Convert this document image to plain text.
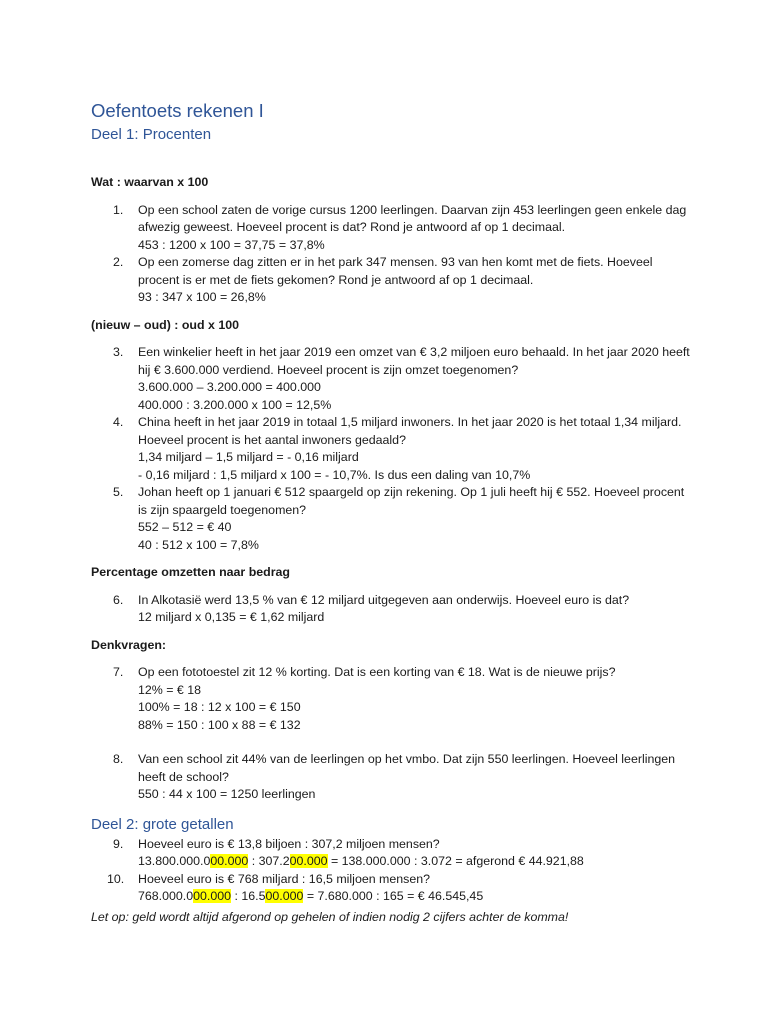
Oefentoets rekenen I
Deel 1: Procenten

Wat : waarvan x 100

1. Op een school zaten de vorige cursus 1200 leerlingen. Daarvan zijn 453 leerlingen geen enkele dag afwezig geweest. Hoeveel procent is dat? Rond je antwoord af op 1 decimaal.

453 : 1200 x 100 = 37,75 = 37,8%

2. Op een zomerse dag zitten er in het park 347 mensen. 93 van hen komt met de fiets. Hoeveel procent is er met de fiets gekomen? Rond je antwoord af op 1 decimaal.

93 : 347 x 100 = 26,8%

(nieuw – oud) : oud x 100

3. Een winkelier heeft in het jaar 2019 een omzet van € 3,2 miljoen euro behaald. In het jaar 2020 heeft hij € 3.600.000 verdiend. Hoeveel procent is zijn omzet toegenomen?

3.600.000 – 3.200.000 = 400.000

400.000 : 3.200.000 x 100 = 12,5%

4. China heeft in het jaar 2019 in totaal 1,5 miljard inwoners. In het jaar 2020 is het totaal 1,34 miljard. Hoeveel procent is het aantal inwoners gedaald?

1,34 miljard – 1,5 miljard = - 0,16 miljard

- 0,16 miljard : 1,5 miljard x 100 = - 10,7%. Is dus een daling van 10,7%

5. Johan heeft op 1 januari € 512 spaargeld op zijn rekening. Op 1 juli heeft hij € 552. Hoeveel procent is zijn spaargeld toegenomen?

552 – 512 = € 40

40 : 512 x 100 = 7,8%

Percentage omzetten naar bedrag

6. In Alkotasië werd 13,5 % van € 12 miljard uitgegeven aan onderwijs. Hoeveel euro is dat?

12 miljard x 0,135 = € 1,62 miljard

Denkvragen:

7. Op een fototoestel zit 12 % korting. Dat is een korting van € 18. Wat is de nieuwe prijs?

12% = € 18

100% = 18 : 12 x 100 = € 150

88% = 150 : 100 x 88 = € 132

8. Van een school zit 44% van de leerlingen op het vmbo. Dat zijn 550 leerlingen. Hoeveel leerlingen heeft de school?

550 : 44 x 100 = 1250 leerlingen

Deel 2: grote getallen
9. Hoeveel euro is € 13,8 biljoen : 307,2 miljoen mensen?

13.800.000.000.000 : 307.200.000 = 138.000.000 : 3.072 = afgerond € 44.921,88

10. Hoeveel euro is € 768 miljard : 16,5 miljoen mensen?

768.000.000.000 : 16.500.000 = 7.680.000 : 165 = € 46.545,45

Let op: geld wordt altijd afgerond op gehelen of indien nodig 2 cijfers achter de komma!
